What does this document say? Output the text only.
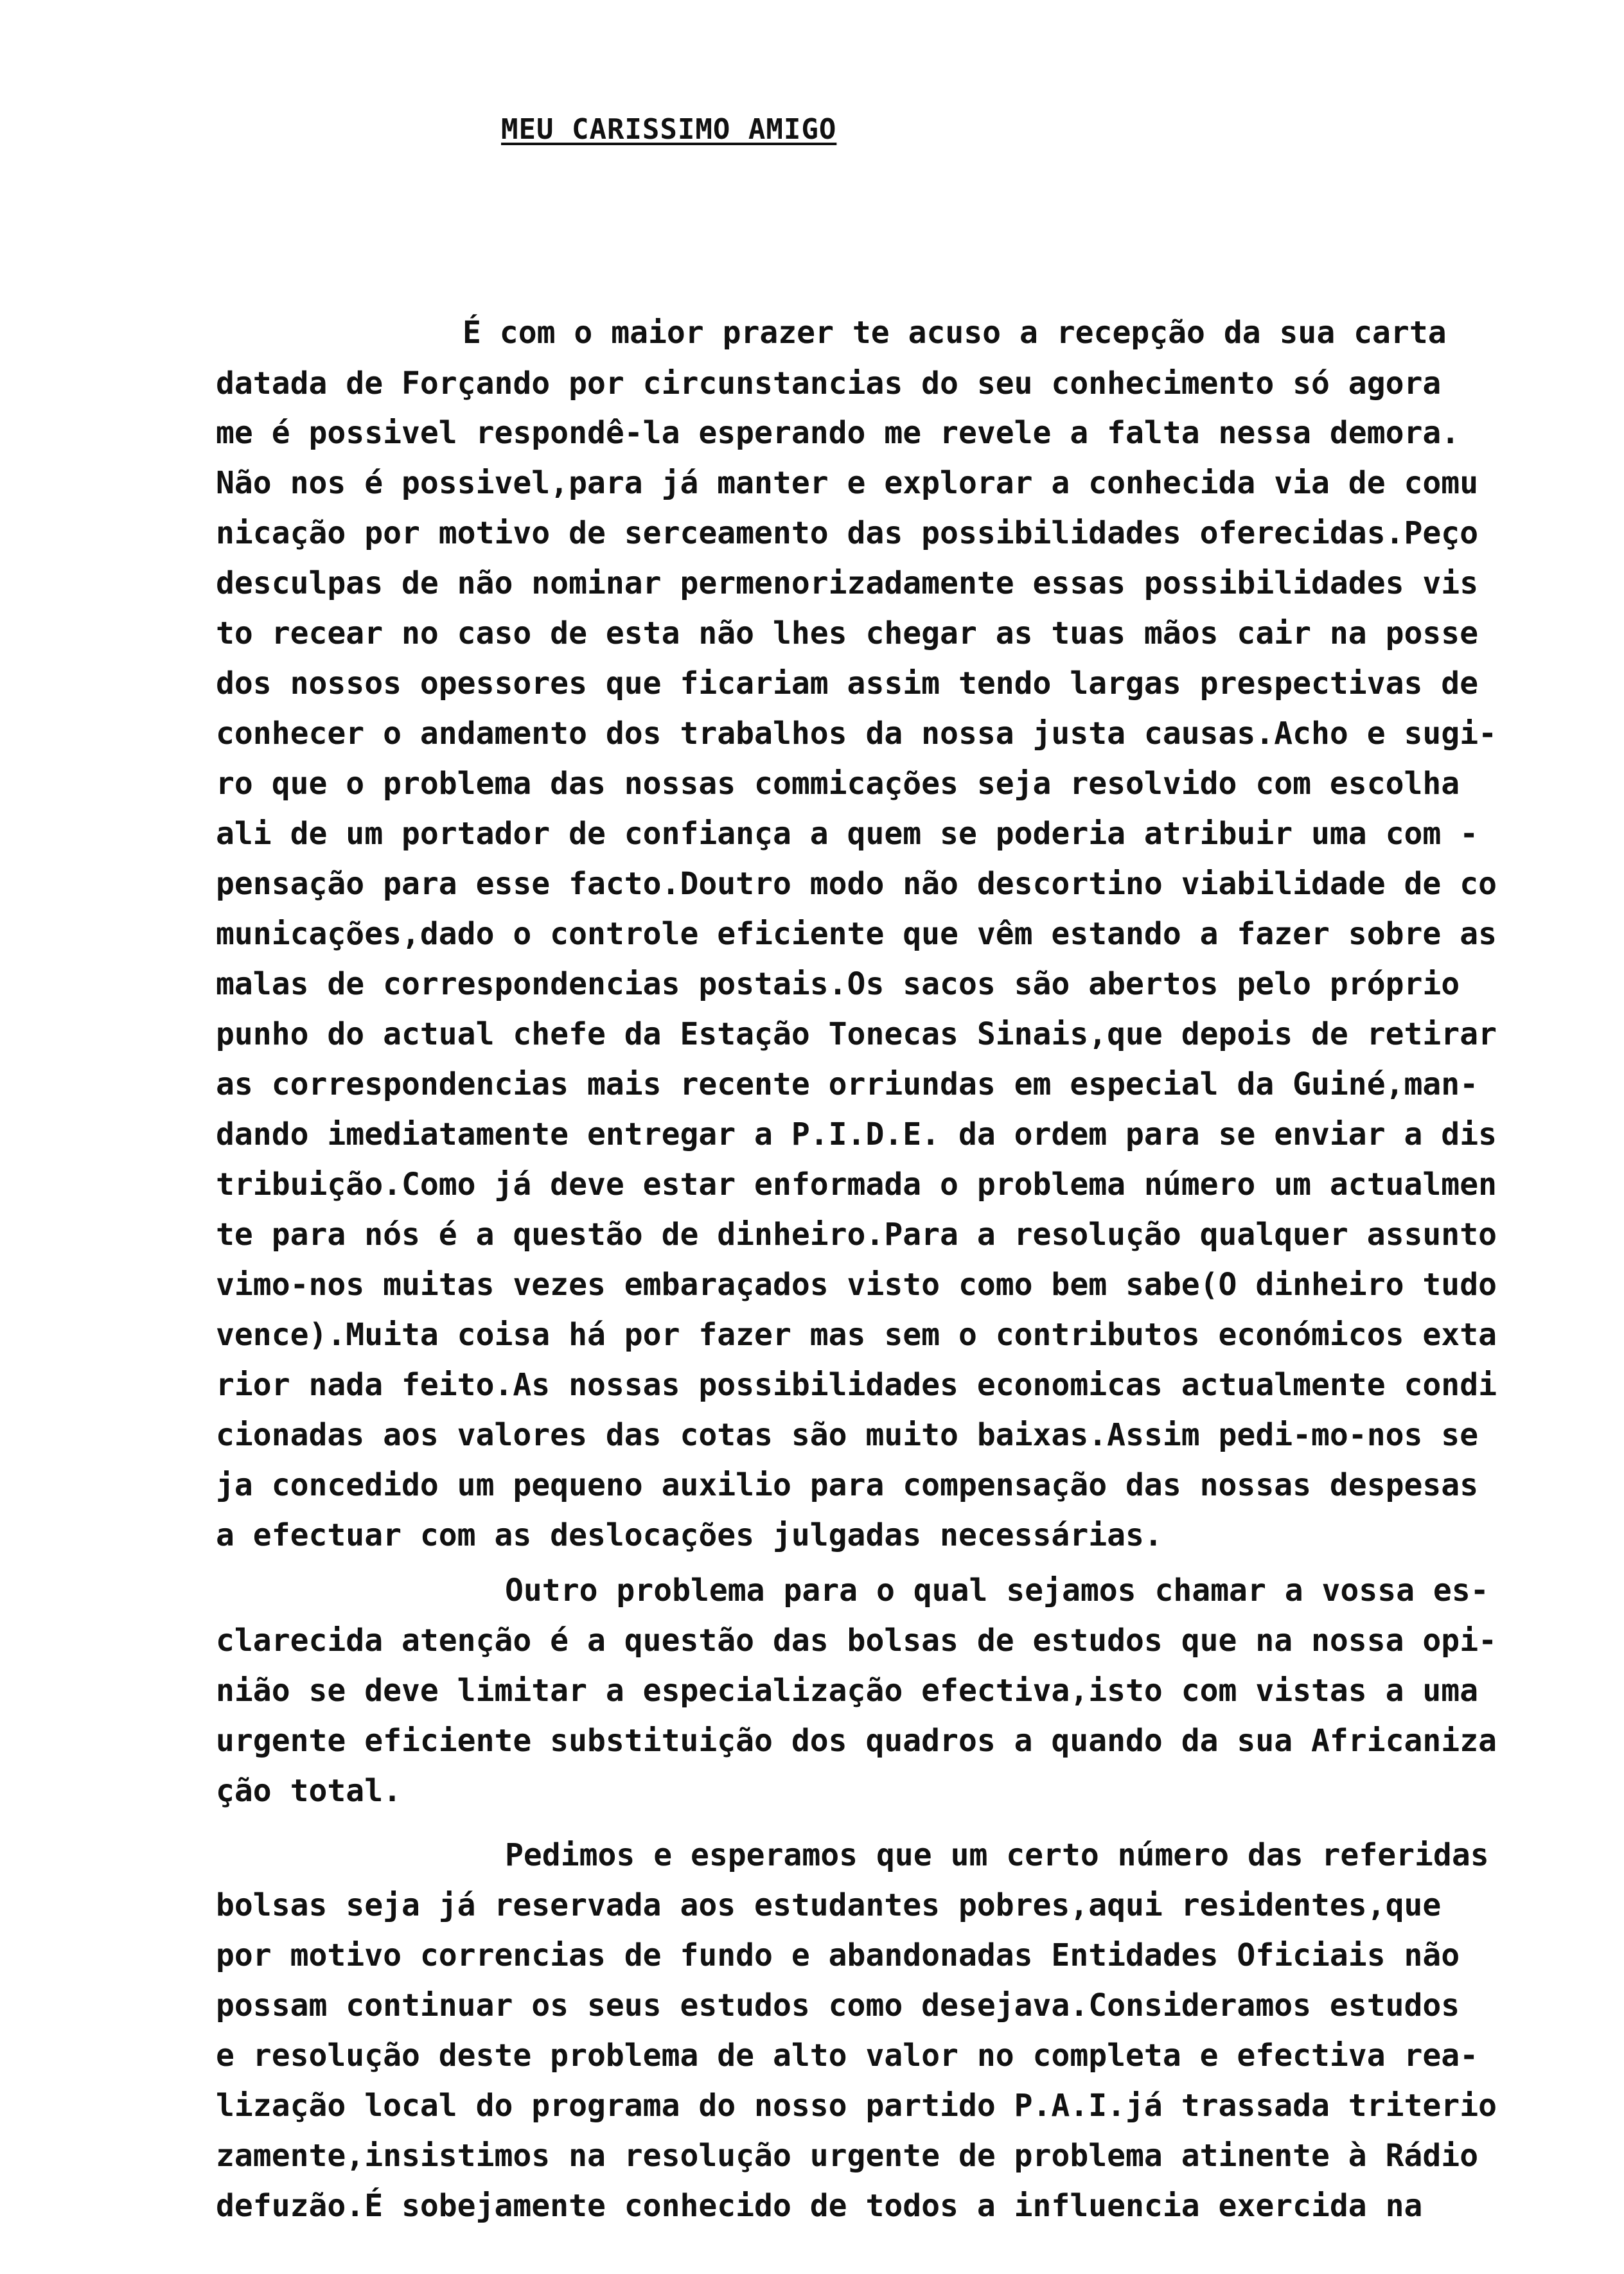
MEU CARISSIMO AMIGO
É com o maior prazer te acuso a recepção da sua carta
datada de Forçando por circunstancias do seu conhecimento só agora
me é possivel respondê-la esperando me revele a falta nessa demora.
Não nos é possivel,para já manter e explorar a conhecida via de comu
nicação por motivo de serceamento das possibilidades oferecidas.Peço
desculpas de não nominar permenorizadamente essas possibilidades vis
to recear no caso de esta não lhes chegar as tuas mãos cair na posse
dos nossos opessores que ficariam assim tendo largas prespectivas de
conhecer o andamento dos trabalhos da nossa justa causas.Acho e sugi-
ro que o problema das nossas commicações seja resolvido com escolha
ali de um portador de confiança a quem se poderia atribuir uma com -
pensação para esse facto.Doutro modo não descortino viabilidade de co
municações,dado o controle eficiente que vêm estando a fazer sobre as
malas de correspondencias postais.Os sacos são abertos pelo próprio
punho do actual chefe da Estação Tonecas Sinais,que depois de retirar
as correspondencias mais recente orriundas em especial da Guiné,man-
dando imediatamente entregar a P.I.D.E. da ordem para se enviar a dis
tribuição.Como já deve estar enformada o problema número um actualmen
te para nós é a questão de dinheiro.Para a resolução qualquer assunto
vimo-nos muitas vezes embaraçados visto como bem sabe(O dinheiro tudo
vence).Muita coisa há por fazer mas sem o contributos económicos exta
rior nada feito.As nossas possibilidades economicas actualmente condi
cionadas aos valores das cotas são muito baixas.Assim pedi-mo-nos se
ja concedido um pequeno auxilio para compensação das nossas despesas
a efectuar com as deslocações julgadas necessárias.
Outro problema para o qual sejamos chamar a vossa es-
clarecida atenção é a questão das bolsas de estudos que na nossa opi-
nião se deve limitar a especialização efectiva,isto com vistas a uma
urgente eficiente substituição dos quadros a quando da sua Africaniza
ção total.
Pedimos e esperamos que um certo número das referidas
bolsas seja já reservada aos estudantes pobres,aqui residentes,que
por motivo correncias de fundo e abandonadas Entidades Oficiais não
possam continuar os seus estudos como desejava.Consideramos estudos
e resolução deste problema de alto valor no completa e efectiva rea-
lização local do programa do nosso partido P.A.I.já trassada triterio
zamente,insistimos na resolução urgente de problema atinente à Rádio
defuzão.É sobejamente conhecido de todos a influencia exercida na
